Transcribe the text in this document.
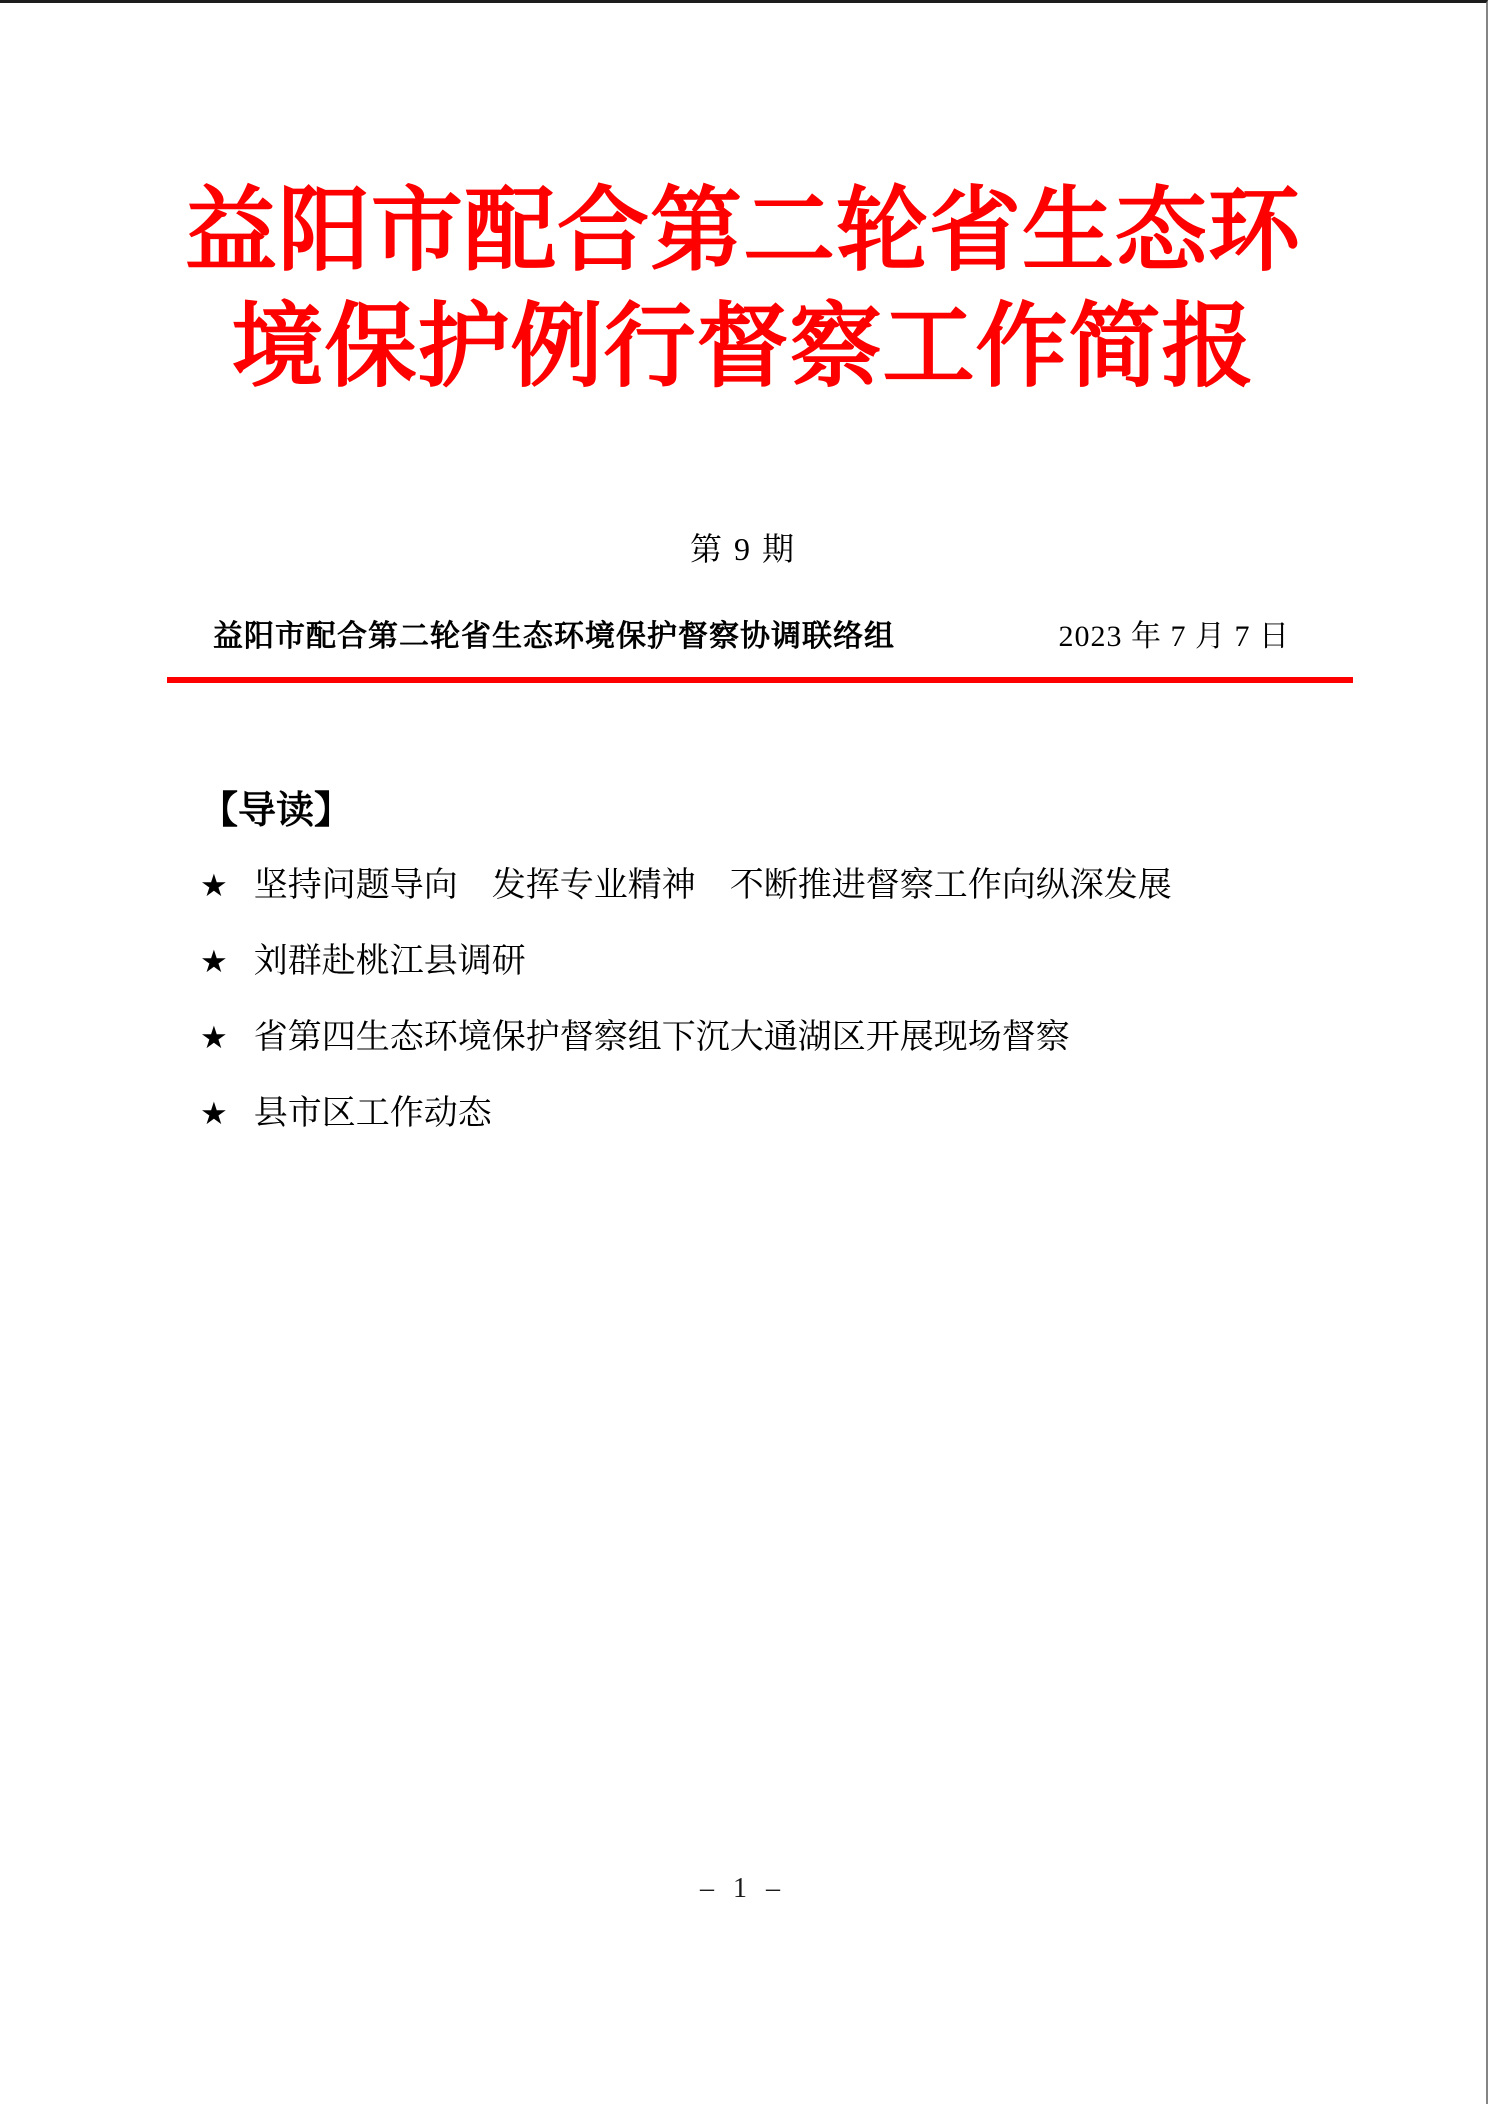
益阳市配合第二轮省生态环
境保护例行督察工作简报
第 9 期
益阳市配合第二轮省生态环境保护督察协调联络组	2023 年 7 月 7 日
【导读】
★ 坚持问题导向　发挥专业精神　不断推进督察工作向纵深发展
★ 刘群赴桃江县调研
★ 省第四生态环境保护督察组下沉大通湖区开展现场督察
★ 县市区工作动态
– 1 –
